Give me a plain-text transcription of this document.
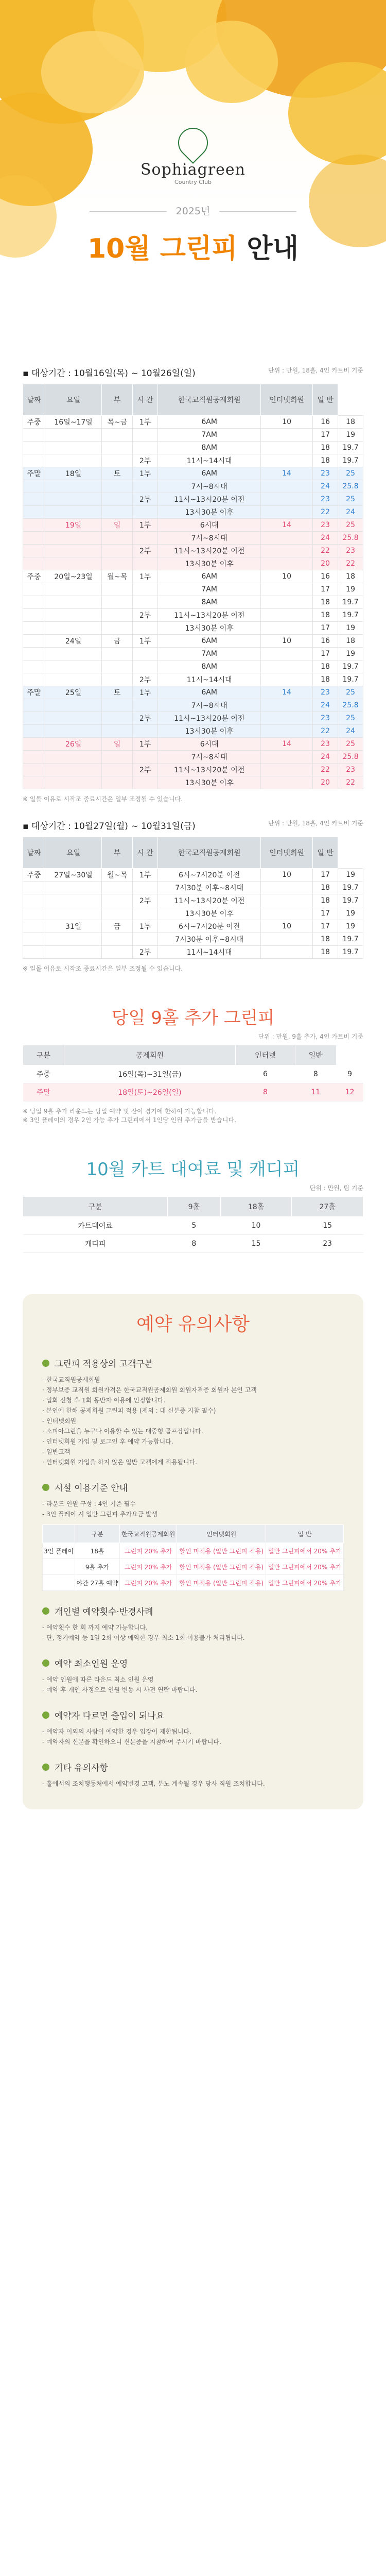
Sophiagreen
Country Club
2025년
10월 그린피 안내
▪ 대상기간 : 10월16일(목) ~ 10월26일(일)	단위 : 만원, 18홀, 4인 카트비 기준
날짜	요일	부	시 간	한국교직원공제회원	인터넷회원	일 반	
주중	16일~17일	목~금	1부	6AM	10	16	18
				7AM		17	19
				8AM		18	19.7
			2부	11시~14시대		18	19.7
주말	18일	토	1부	6AM	14	23	25
				7시~8시대		24	25.8
			2부	11시~13시20분 이전		23	25
				13시30분 이후		22	24
	19일	일	1부	6시대	14	23	25
				7시~8시대		24	25.8
			2부	11시~13시20분 이전		22	23
				13시30분 이후		20	22
주중	20일~23일	월~목	1부	6AM	10	16	18
				7AM		17	19
				8AM		18	19.7
			2부	11시~13시20분 이전		18	19.7
				13시30분 이후		17	19
	24일	금	1부	6AM	10	16	18
				7AM		17	19
				8AM		18	19.7
			2부	11시~14시대		18	19.7
주말	25일	토	1부	6AM	14	23	25
				7시~8시대		24	25.8
			2부	11시~13시20분 이전		23	25
				13시30분 이후		22	24
	26일	일	1부	6시대	14	23	25
				7시~8시대		24	25.8
			2부	11시~13시20분 이전		22	23
				13시30분 이후		20	22
※ 일몰 이유로 시작조 중료시간은 일부 조정될 수 있습니다.
▪ 대상기간 : 10월27일(월) ~ 10월31일(금)	단위 : 만원, 18홀, 4인 카트비 기준
날짜	요일	부	시 간	한국교직원공제회원	인터넷회원	일 반	
주중	27일~30일	월~목	1부	6시~7시20분 이전	10	17	19
				7시30분 이후~8시대		18	19.7
			2부	11시~13시20분 이전		18	19.7
				13시30분 이후		17	19
	31일	금	1부	6시~7시20분 이전	10	17	19
				7시30분 이후~8시대		18	19.7
			2부	11시~14시대		18	19.7
※ 일몰 이유로 시작조 중료시간은 일부 조정될 수 있습니다.
당일 9홀 추가 그린피
단위 : 만원, 9홀 추가, 4인 카트비 기준
구분	공제회원	인터넷	일반	
주중	16일(목)~31일(금)	6	8	9
주말	18일(토)~26일(일)	8	11	12
※ 당일 9홀 추가 라운드는 당일 예약 및 잔여 경기에 한하여 가능합니다.
※ 3인 플레이의 경우 2인 가능 추가 그린피에서 1인당 인원 추가금을 받습니다.
10월 카트 대여료 및 캐디피
단위 : 만원, 팀 기준
구분	9홀	18홀	27홀
카트대여료	5	10	15
캐디피	8	15	23
예약 유의사항
그린피 적용상의 고객구분
- 한국교직원공제회원
· 정부보증 교직원 회원가격은 한국교직원공제회원 회원자격증 회원자 본인 고객
· 입회 신청 후 1회 동반자 이용에 인정합니다.
· 본인에 한해 공제회원 그린피 적용 (제외 : 대 신분증 지참 필수)
- 인터넷회원
· 소피아그린을 누구나 이용할 수 있는 대중형 골프장입니다.
· 인터넷회원 가입 및 로그인 후 예약 가능합니다.
- 일반고객
· 인터넷회원 가입을 하지 않은 일반 고객에게 적용됩니다.
시설 이용기준 안내
- 라운드 인원 구성 : 4인 기준 필수
- 3인 플레이 시 일반 그린피 추가요금 발생
	구분	한국교직원공제회원	인터넷회원	일 반
3인 플레이	18홀	그린피 20% 추가	할인 미적용 (일반 그린피 적용)	일반 그린피에서 20% 추가
	9홀 추가	그린피 20% 추가	할인 미적용 (일반 그린피 적용)	일반 그린피에서 20% 추가
	야간 27홀 예약	그린피 20% 추가	할인 미적용 (일반 그린피 적용)	일반 그린피에서 20% 추가
개인별 예약횟수·반경사례
- 예약횟수 한 회 까지 예약 가능합니다.
- 단, 정기예약 등 1일 2회 이상 예약한 경우 최소 1회 이용불가 처리됩니다.
예약 최소인원 운영
- 예약 인원에 따른 라운드 최소 인원 운영
- 예약 후 개인 사정으로 인원 변동 시 사전 연락 바랍니다.
예약자 다르면 출입이 되나요
- 예약자 이외의 사람이 예약한 경우 입장이 제한됩니다.
- 예약자의 신분을 확인하오니 신분증을 지참하여 주시기 바랍니다.
기타 유의사항
- 홀에서의 조치행동처에서 예약변경 고객, 분노 계속될 경우 당사 직원 조치합니다.
